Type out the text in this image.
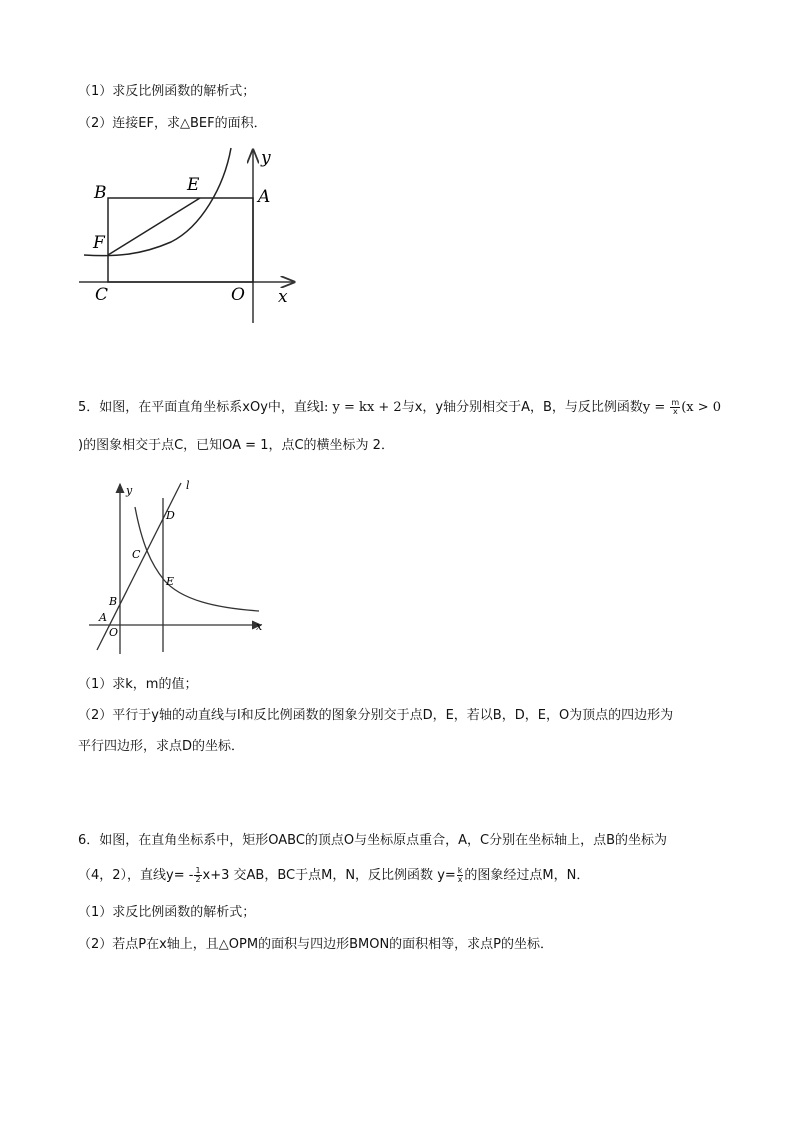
（1）求反比例函数的解析式；
（2）连接EF，求△BEF的面积．
B	E
A
F
C	O x
y
5．如图，在平面直角坐标系xOy中，直线l: y = kx + 2与x，y轴分别相交于A，B，与反比例函数$y = \frac{m}{x} (x > 0$
)的图象相交于点C，已知OA = 1，点C的横坐标为 2．
l
y
D
C
E
B
A
O	x
（1）求k，m的值；
（2）平行于y轴的动直线与l和反比例函数的图象分别交于点D，E，若以B，D，E，O为顶点的四边形为
平行四边形，求点D的坐标．
6．如图，在直角坐标系中，矩形OABC的顶点O与坐标原点重合，A，C分别在坐标轴上，点B的坐标为
（4，2），直线$y= - \frac{1}{2} x+3$ 交AB，BC于点M，N，反比例函数 $y= \frac{k}{x}$ 的图象经过点M，N．
（1）求反比例函数的解析式；
（2）若点P在x轴上，且△OPM的面积与四边形BMON的面积相等，求点P的坐标．
